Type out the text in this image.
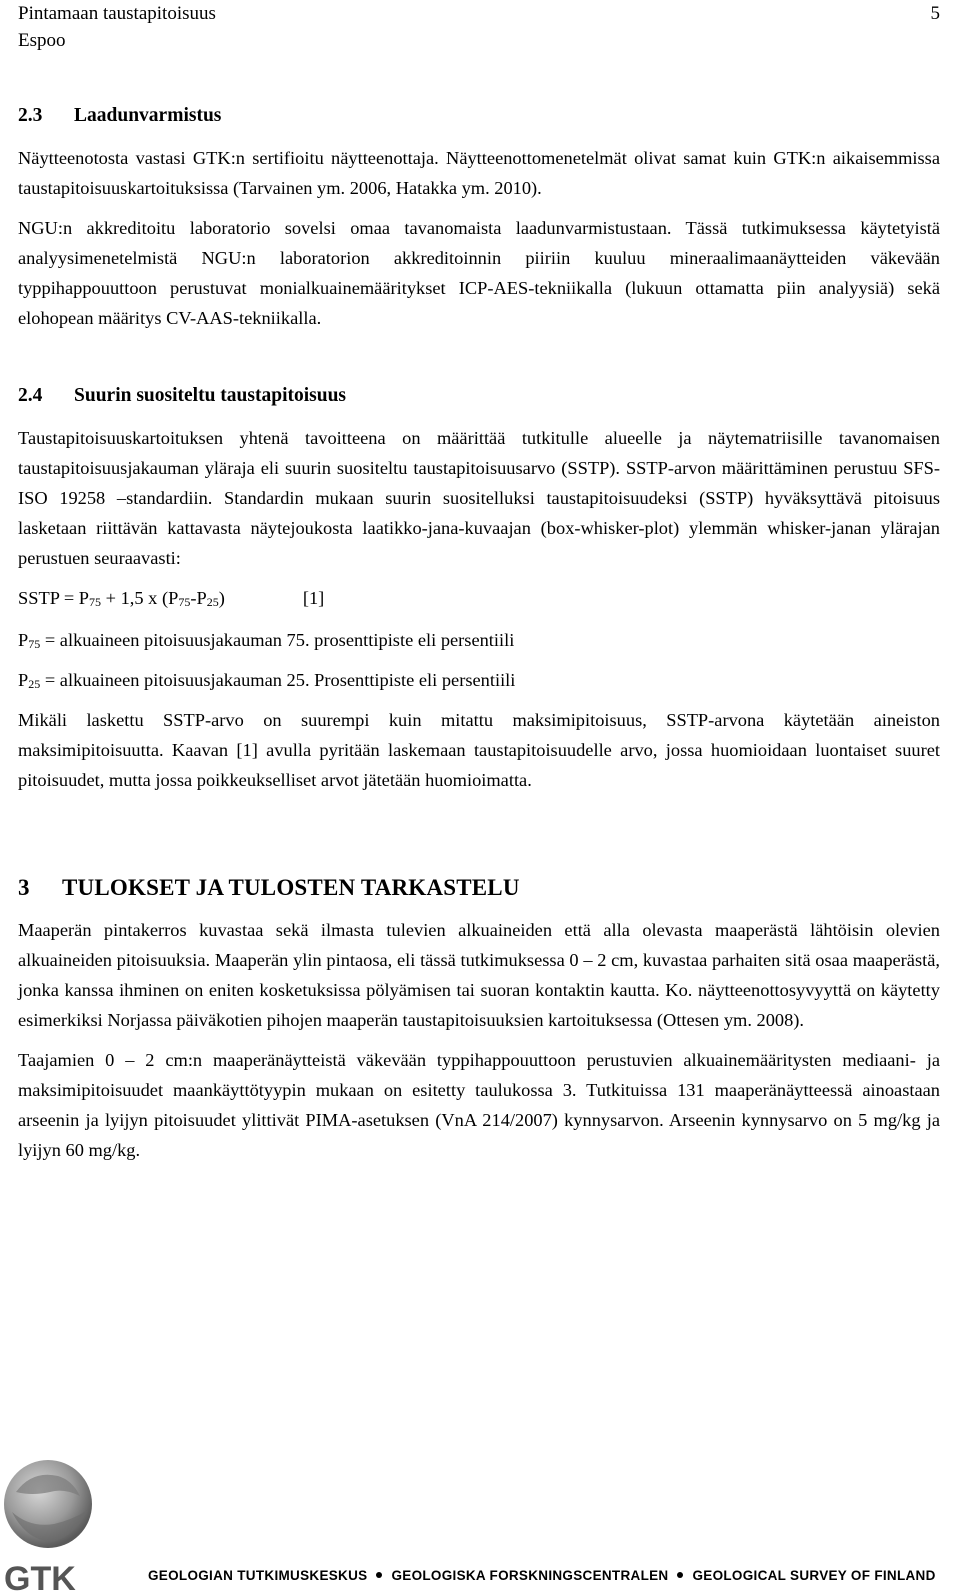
Pintamaan taustapitoisuus	5
Espoo
2.3 Laadunvarmistus

Näytteenotosta vastasi GTK:n sertifioitu näytteenottaja. Näytteenottomenetelmät olivat samat kuin GTK:n aikaisemmissa taustapitoisuuskartoituksissa (Tarvainen ym. 2006, Hatakka ym. 2010).

NGU:n akkreditoitu laboratorio sovelsi omaa tavanomaista laadunvarmistustaan. Tässä tutkimuksessa käytetyistä analyysimenetelmistä NGU:n laboratorion akkreditoinnin piiriin kuuluu mineraalimaanäytteiden väkevään typpihappouuttoon perustuvat monialkuainemääritykset ICP-AES-tekniikalla (lukuun ottamatta piin analyysiä) sekä elohopean määritys CV-AAS-tekniikalla.

2.4 Suurin suositeltu taustapitoisuus

Taustapitoisuuskartoituksen yhtenä tavoitteena on määrittää tutkitulle alueelle ja näytematriisille tavanomaisen taustapitoisuusjakauman yläraja eli suurin suositeltu taustapitoisuusarvo (SSTP). SSTP-arvon määrittäminen perustuu SFS-ISO 19258 –standardiin. Standardin mukaan suurin suositelluksi taustapitoisuudeksi (SSTP) hyväksyttävä pitoisuus lasketaan riittävän kattavasta näytejoukosta laatikko-jana-kuvaajan (box-whisker-plot) ylemmän whisker-janan ylärajan perustuen seuraavasti:

SSTP = $P_{75} + 1,5$ x $(P_{75}-P_{25})$	[1]
$P_{75}$ = alkuaineen pitoisuusjakauman 75. prosenttipiste eli persentiili
$P_{25}$ = alkuaineen pitoisuusjakauman 25. Prosenttipiste eli persentiili

Mikäli laskettu SSTP-arvo on suurempi kuin mitattu maksimipitoisuus, SSTP-arvona käytetään aineiston maksimipitoisuutta. Kaavan [1] avulla pyritään laskemaan taustapitoisuudelle arvo, jossa huomioidaan luontaiset suuret pitoisuudet, mutta jossa poikkeukselliset arvot jätetään huomioimatta.

3 TULOKSET JA TULOSTEN TARKASTELU

Maaperän pintakerros kuvastaa sekä ilmasta tulevien alkuaineiden että alla olevasta maaperästä lähtöisin olevien alkuaineiden pitoisuuksia. Maaperän ylin pintaosa, eli tässä tutkimuksessa 0 – 2 cm, kuvastaa parhaiten sitä osaa maaperästä, jonka kanssa ihminen on eniten kosketuksissa pölyämisen tai suoran kontaktin kautta. Ko. näytteenottosyvyyttä on käytetty esimerkiksi Norjassa päiväkotien pihojen maaperän taustapitoisuuksien kartoituksessa (Ottesen ym. 2008).

Taajamien 0 – 2 cm:n maaperänäytteistä väkevään typpihappouuttoon perustuvien alkuainemääritysten mediaani- ja maksimipitoisuudet maankäyttötyypin mukaan on esitetty taulukossa 3. Tutkituissa 131 maaperänäytteessä ainoastaan arseenin ja lyijyn pitoisuudet ylittivät PIMA-asetuksen (VnA 214/2007) kynnysarvon. Arseenin kynnysarvo on 5 mg/kg ja lyijyn 60 mg/kg.

GTK	GEOLOGIAN TUTKIMUSKESKUS GEOLOGISKA FORSKNINGSCENTRALEN GEOLOGICAL SURVEY OF FINLAND
